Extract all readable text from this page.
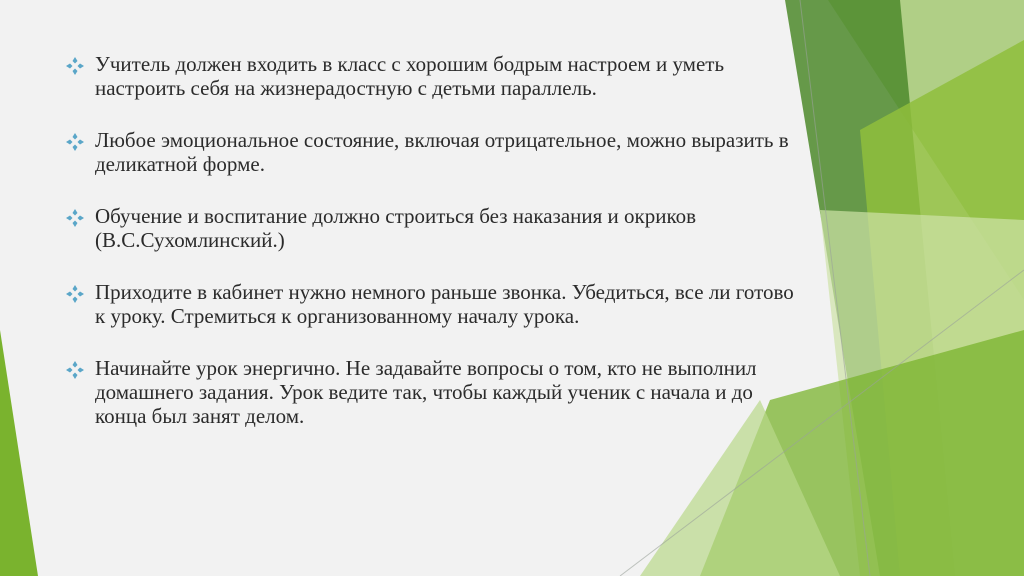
Учитель должен входить в класс с хорошим бодрым настроем и уметь
настроить себя на жизнерадостную с детьми параллель.
Любое эмоциональное состояние, включая отрицательное, можно выразить в
деликатной форме.
Обучение и воспитание должно строиться без наказания и окриков
(В.С.Сухомлинский.)
Приходите в кабинет нужно немного раньше звонка. Убедиться, все ли готово
к уроку. Стремиться к организованному началу урока.
Начинайте урок энергично. Не задавайте вопросы о том, кто не выполнил
домашнего задания. Урок ведите так, чтобы каждый ученик с начала и до
конца был занят делом.
